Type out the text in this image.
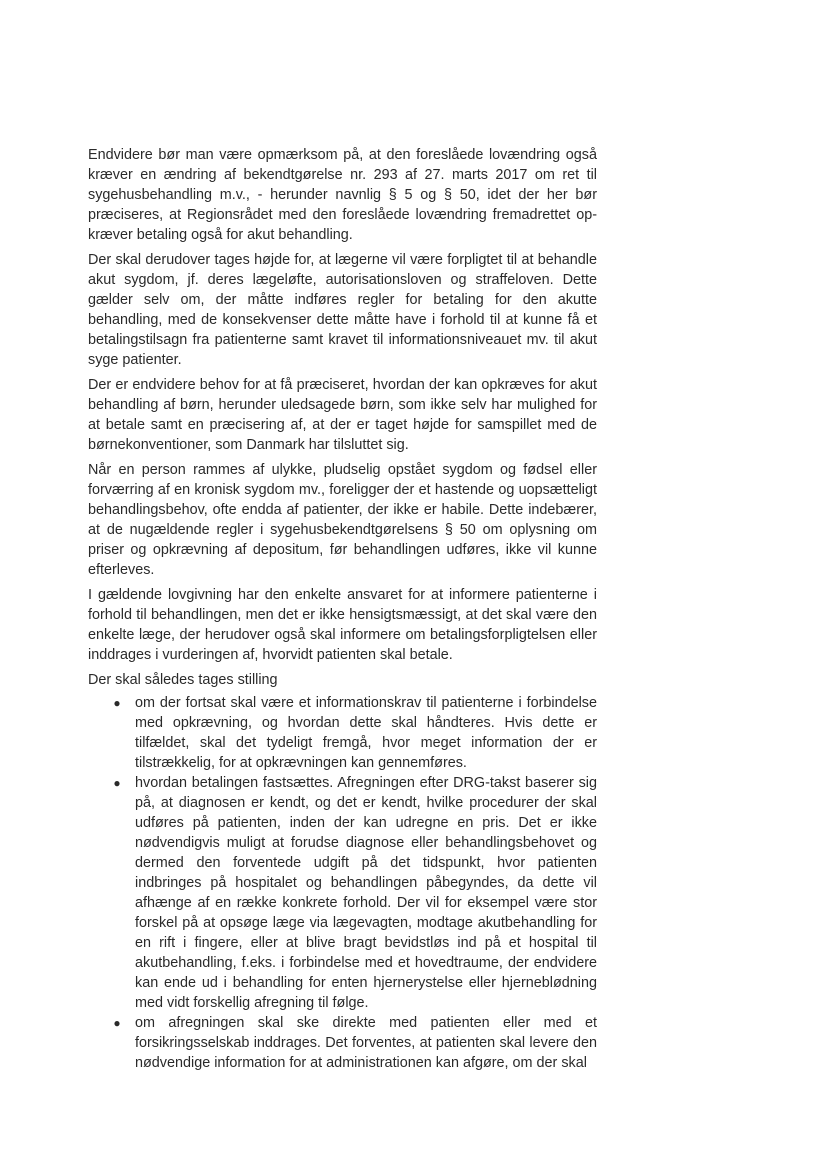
Endvidere bør man være opmærksom på, at den foreslåede lovændring også kræver en ændring af bekendtgørelse nr. 293 af 27. marts 2017 om ret til sygehusbehandling m.v., - herunder navnlig § 5 og § 50, idet der her bør præciseres, at Regionsrådet med den foreslåede lovændring fremadrettet opkræver betaling også for akut behandling.

Der skal derudover tages højde for, at lægerne vil være forpligtet til at behandle akut sygdom, jf. deres lægeløfte, autorisationsloven og straffeloven. Dette gælder selv om, der måtte indføres regler for betaling for den akutte behandling, med de konsekvenser dette måtte have i forhold til at kunne få et betalingstilsagn fra patienterne samt kravet til informationsniveauet mv. til akut syge patienter.

Der er endvidere behov for at få præciseret, hvordan der kan opkræves for akut behandling af børn, herunder uledsagede børn, som ikke selv har mulighed for at betale samt en præcisering af, at der er taget højde for samspillet med de børnekonventioner, som Danmark har tilsluttet sig.

Når en person rammes af ulykke, pludselig opstået sygdom og fødsel eller forværring af en kronisk sygdom mv., foreligger der et hastende og uopsætteligt behandlingsbehov, ofte endda af patienter, der ikke er habile. Dette indebærer, at de nugældende regler i sygehusbekendtgørelsens § 50 om oplysning om priser og opkrævning af depositum, før behandlingen udføres, ikke vil kunne efterleves.

I gældende lovgivning har den enkelte ansvaret for at informere patienterne i forhold til behandlingen, men det er ikke hensigtsmæssigt, at det skal være den enkelte læge, der herudover også skal informere om betalingsforpligtelsen eller inddrages i vurderingen af, hvorvidt patienten skal betale.

Der skal således tages stilling

● om der fortsat skal være et informationskrav til patienterne i forbindelse med opkrævning, og hvordan dette skal håndteres. Hvis dette er tilfældet, skal det tydeligt fremgå, hvor meget information der er tilstrækkelig, for at opkrævningen kan gennemføres.
● hvordan betalingen fastsættes. Afregningen efter DRG-takst baserer sig på, at diagnosen er kendt, og det er kendt, hvilke procedurer der skal udføres på patienten, inden der kan udregne en pris. Det er ikke nødvendigvis muligt at forudse diagnose eller behandlingsbehovet og dermed den forventede udgift på det tidspunkt, hvor patienten indbringes på hospitalet og behandlingen påbegyndes, da dette vil afhænge af en række konkrete forhold. Der vil for eksempel være stor forskel på at opsøge læge via lægevagten, modtage akutbehandling for en rift i fingere, eller at blive bragt bevidstløs ind på et hospital til akutbehandling, f.eks. i forbindelse med et hovedtraume, der endvidere kan ende ud i behandling for enten hjernerystelse eller hjerneblødning med vidt forskellig afregning til følge.
● om afregningen skal ske direkte med patienten eller med et forsikringsselskab inddrages. Det forventes, at patienten skal levere den nødvendige information for at administrationen kan afgøre, om der skal
